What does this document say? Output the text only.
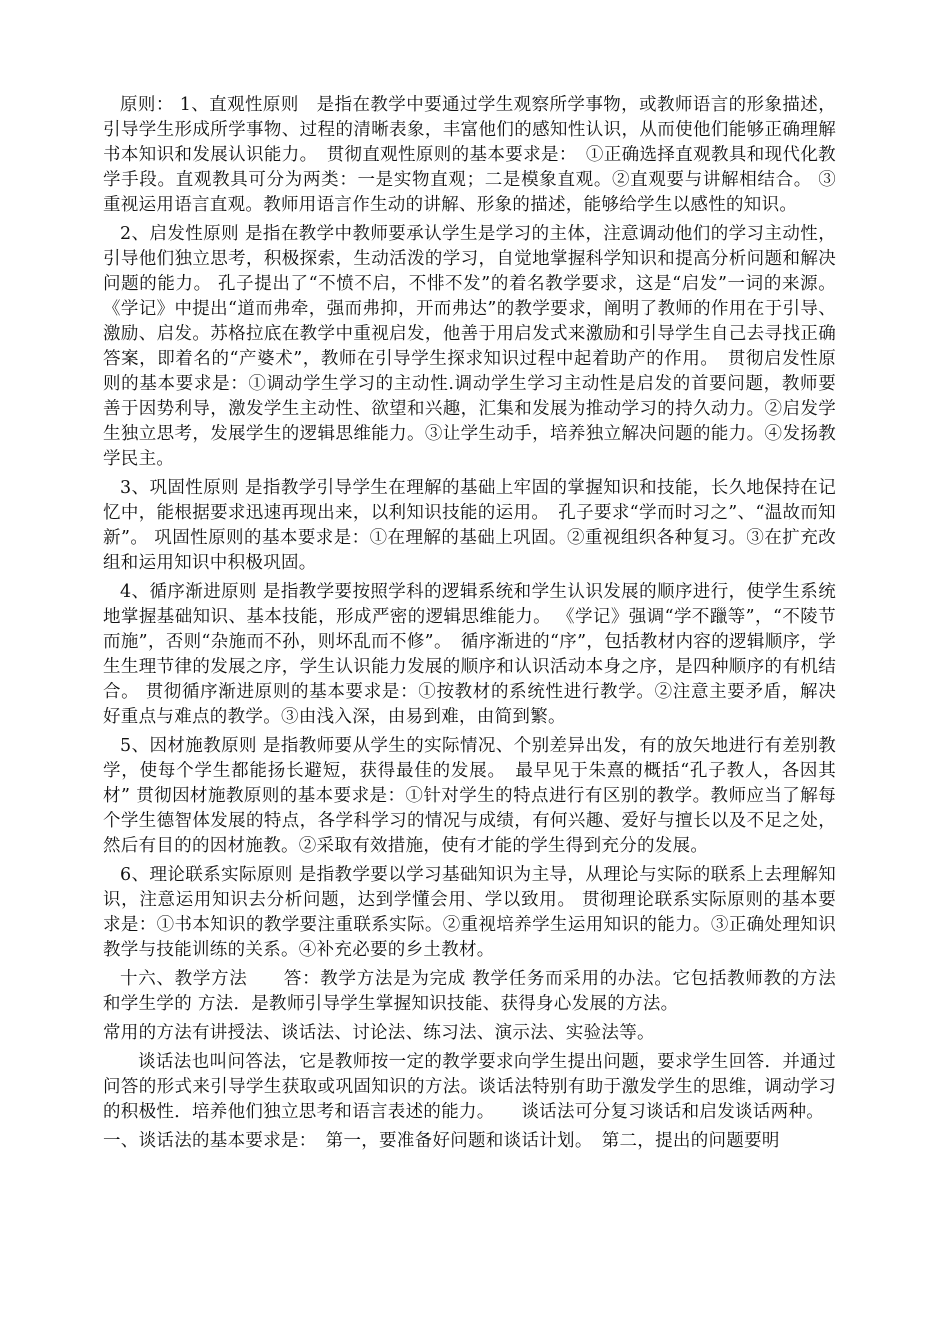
原则： 1、直观性原则　是指在教学中要通过学生观察所学事物，或教师语言的形象描述，引导学生形成所学事物、过程的清晰表象，丰富他们的感知性认识，从而使他们能够正确理解书本知识和发展认识能力。　贯彻直观性原则的基本要求是：　①正确选择直观教具和现代化教学手段。直观教具可分为两类：一是实物直观；二是模象直观。②直观要与讲解相结合。 ③重视运用语言直观。教师用语言作生动的讲解、形象的描述，能够给学生以感性的知识。

2、启发性原则 是指在教学中教师要承认学生是学习的主体，注意调动他们的学习主动性，引导他们独立思考，积极探索，生动活泼的学习，自觉地掌握科学知识和提高分析问题和解决问题的能力。 孔子提出了“不愤不启，不悱不发”的着名教学要求，这是“启发”一词的来源。《学记》中提出“道而弗牵，强而弗抑，开而弗达”的教学要求，阐明了教师的作用在于引导、激励、启发。苏格拉底在教学中重视启发，他善于用启发式来激励和引导学生自己去寻找正确答案，即着名的“产婆术”，教师在引导学生探求知识过程中起着助产的作用。　贯彻启发性原则的基本要求是：①调动学生学习的主动性.调动学生学习主动性是启发的首要问题，教师要善于因势利导，激发学生主动性、欲望和兴趣，汇集和发展为推动学习的持久动力。②启发学生独立思考，发展学生的逻辑思维能力。③让学生动手，培养独立解决问题的能力。④发扬教学民主。

3、巩固性原则 是指教学引导学生在理解的基础上牢固的掌握知识和技能，长久地保持在记忆中，能根据要求迅速再现出来，以利知识技能的运用。　孔子要求“学而时习之”、“温故而知新”。 巩固性原则的基本要求是：①在理解的基础上巩固。②重视组织各种复习。③在扩充改组和运用知识中积极巩固。

4、循序渐进原则 是指教学要按照学科的逻辑系统和学生认识发展的顺序进行，使学生系统地掌握基础知识、基本技能，形成严密的逻辑思维能力。 《学记》强调“学不躐等”，“不陵节而施”，否则“杂施而不孙，则坏乱而不修”。　循序渐进的“序”，包括教材内容的逻辑顺序，学生生理节律的发展之序，学生认识能力发展的顺序和认识活动本身之序，是四种顺序的有机结合。 贯彻循序渐进原则的基本要求是：①按教材的系统性进行教学。②注意主要矛盾，解决好重点与难点的教学。③由浅入深，由易到难，由简到繁。

5、因材施教原则 是指教师要从学生的实际情况、个别差异出发，有的放矢地进行有差别教学，使每个学生都能扬长避短，获得最佳的发展。　最早见于朱熹的概括“孔子教人，各因其材” 贯彻因材施教原则的基本要求是：①针对学生的特点进行有区别的教学。教师应当了解每个学生德智体发展的特点，各学科学习的情况与成绩，有何兴趣、爱好与擅长以及不足之处，然后有目的的因材施教。②采取有效措施，使有才能的学生得到充分的发展。

6、理论联系实际原则 是指教学要以学习基础知识为主导，从理论与实际的联系上去理解知识，注意运用知识去分析问题，达到学懂会用、学以致用。 贯彻理论联系实际原则的基本要求是：①书本知识的教学要注重联系实际。②重视培养学生运用知识的能力。③正确处理知识教学与技能训练的关系。④补充必要的乡土教材。

十六、教学方法　　答：教学方法是为完成 教学任务而采用的办法。它包括教师教的方法和学生学的 方法．是教师引导学生掌握知识技能、获得身心发展的方法。

常用的方法有讲授法、谈话法、讨论法、练习法、演示法、实验法等。

谈话法也叫问答法，它是教师按一定的教学要求向学生提出问题，要求学生回答．并通过问答的形式来引导学生获取或巩固知识的方法。谈话法特别有助于激发学生的思维，调动学习的积极性．培养他们独立思考和语言表述的能力。　　谈话法可分复习谈话和启发谈话两种。

一、谈话法的基本要求是：　第一，要准备好问题和谈话计划。　第二，提出的问题要明
